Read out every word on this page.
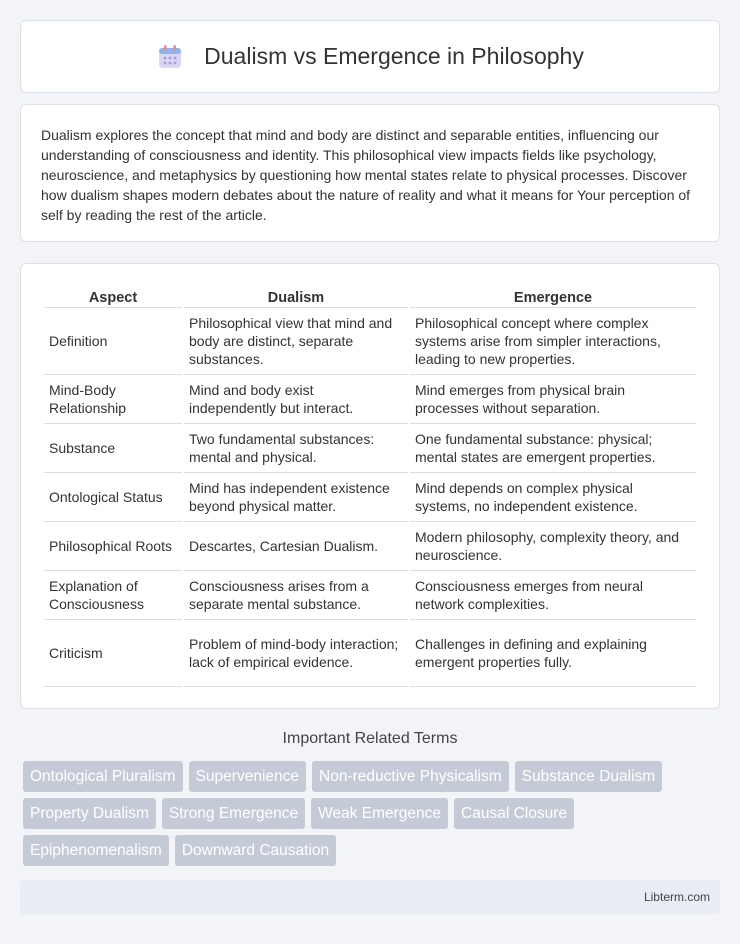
Dualism vs Emergence in Philosophy

Dualism explores the concept that mind and body are distinct and separable entities, influencing our understanding of consciousness and identity. This philosophical view impacts fields like psychology, neuroscience, and metaphysics by questioning how mental states relate to physical processes. Discover how dualism shapes modern debates about the nature of reality and what it means for Your perception of self by reading the rest of the article.

Aspect	Dualism	Emergence
Definition	Philosophical view that mind and body are distinct, separate substances.	Philosophical concept where complex systems arise from simpler interactions, leading to new properties.
Mind-Body Relationship	Mind and body exist independently but interact.	Mind emerges from physical brain processes without separation.
Substance	Two fundamental substances: mental and physical.	One fundamental substance: physical; mental states are emergent properties.
Ontological Status	Mind has independent existence beyond physical matter.	Mind depends on complex physical systems, no independent existence.
Philosophical Roots	Descartes, Cartesian Dualism.	Modern philosophy, complexity theory, and neuroscience.
Explanation of Consciousness	Consciousness arises from a separate mental substance.	Consciousness emerges from neural network complexities.
Criticism	Problem of mind-body interaction; lack of empirical evidence.	Challenges in defining and explaining emergent properties fully.
Important Related Terms
Ontological Pluralism	Supervenience	Non-reductive Physicalism	Substance Dualism
Property Dualism	Strong Emergence	Weak Emergence	Causal Closure
Epiphenomenalism	Downward Causation
Libterm.com
